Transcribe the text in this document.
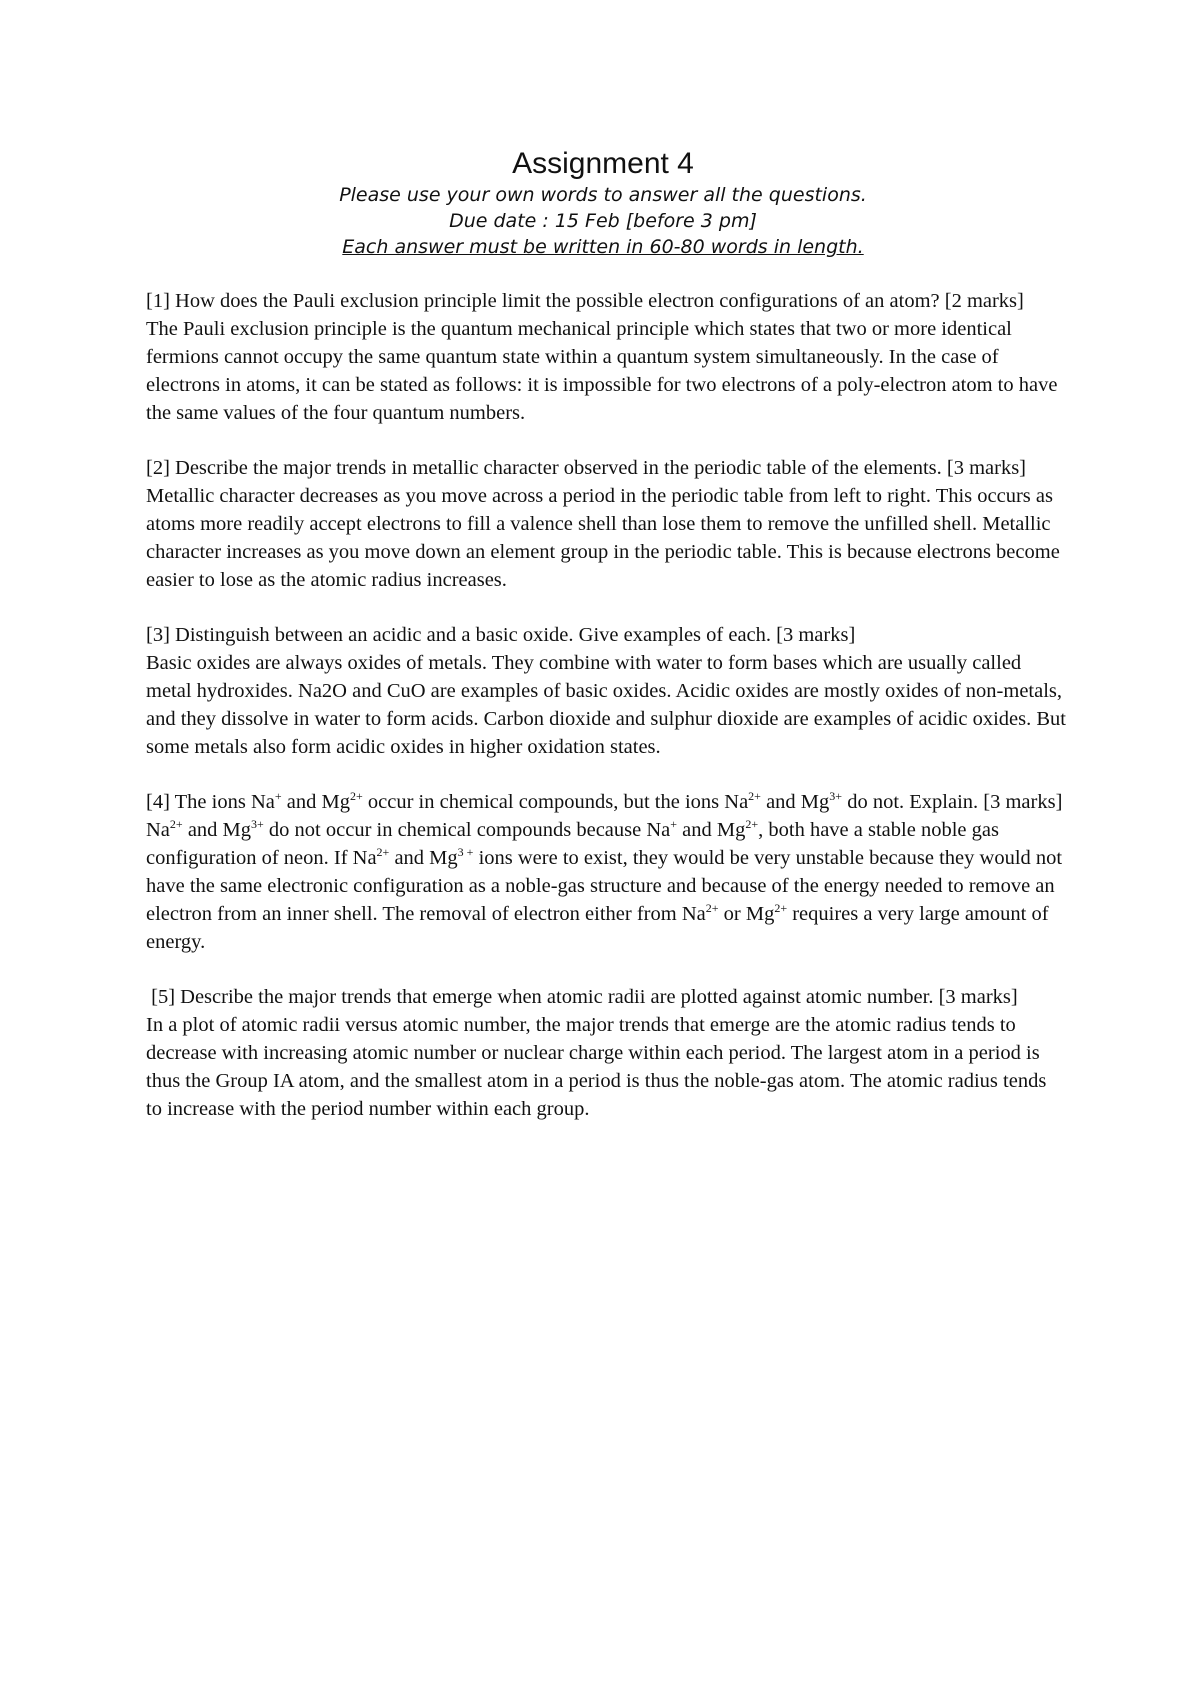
Assignment 4

Please use your own words to answer all the questions.

Due date : 15 Feb [before 3 pm]

Each answer must be written in 60-80 words in length.

[1] How does the Pauli exclusion principle limit the possible electron configurations of an atom? [2 marks]

The Pauli exclusion principle is the quantum mechanical principle which states that two or more identical fermions cannot occupy the same quantum state within a quantum system simultaneously. In the case of electrons in atoms, it can be stated as follows: it is impossible for two electrons of a poly-electron atom to have the same values of the four quantum numbers.

[2] Describe the major trends in metallic character observed in the periodic table of the elements. [3 marks]

Metallic character decreases as you move across a period in the periodic table from left to right. This occurs as atoms more readily accept electrons to fill a valence shell than lose them to remove the unfilled shell. Metallic character increases as you move down an element group in the periodic table. This is because electrons become easier to lose as the atomic radius increases.

[3] Distinguish between an acidic and a basic oxide. Give examples of each. [3 marks]

Basic oxides are always oxides of metals. They combine with water to form bases which are usually called metal hydroxides. Na2O and CuO are examples of basic oxides. Acidic oxides are mostly oxides of non-metals, and they dissolve in water to form acids. Carbon dioxide and sulphur dioxide are examples of acidic oxides. But some metals also form acidic oxides in higher oxidation states.

[4] The ions Na+ and $Mg^{2+}$ occur in chemical compounds, but the ions $Na^{2+}$ and $Mg^{3+}$ do not. Explain. [3 marks]

$Na^{2+}$ and $Mg^{3+}$ do not occur in chemical compounds because Na+ and $Mg^{2+}$, both have a stable noble gas configuration of neon. If $Na^{2+}$ and $Mg^{3 +}$ ions were to exist, they would be very unstable because they would not have the same electronic configuration as a noble-gas structure and because of the energy needed to remove an electron from an inner shell. The removal of electron either from $Na^{2+}$ or $Mg^{2+}$ requires a very large amount of energy.

[5] Describe the major trends that emerge when atomic radii are plotted against atomic number. [3 marks]

In a plot of atomic radii versus atomic number, the major trends that emerge are the atomic radius tends to decrease with increasing atomic number or nuclear charge within each period. The largest atom in a period is thus the Group IA atom, and the smallest atom in a period is thus the noble-gas atom. The atomic radius tends to increase with the period number within each group.
